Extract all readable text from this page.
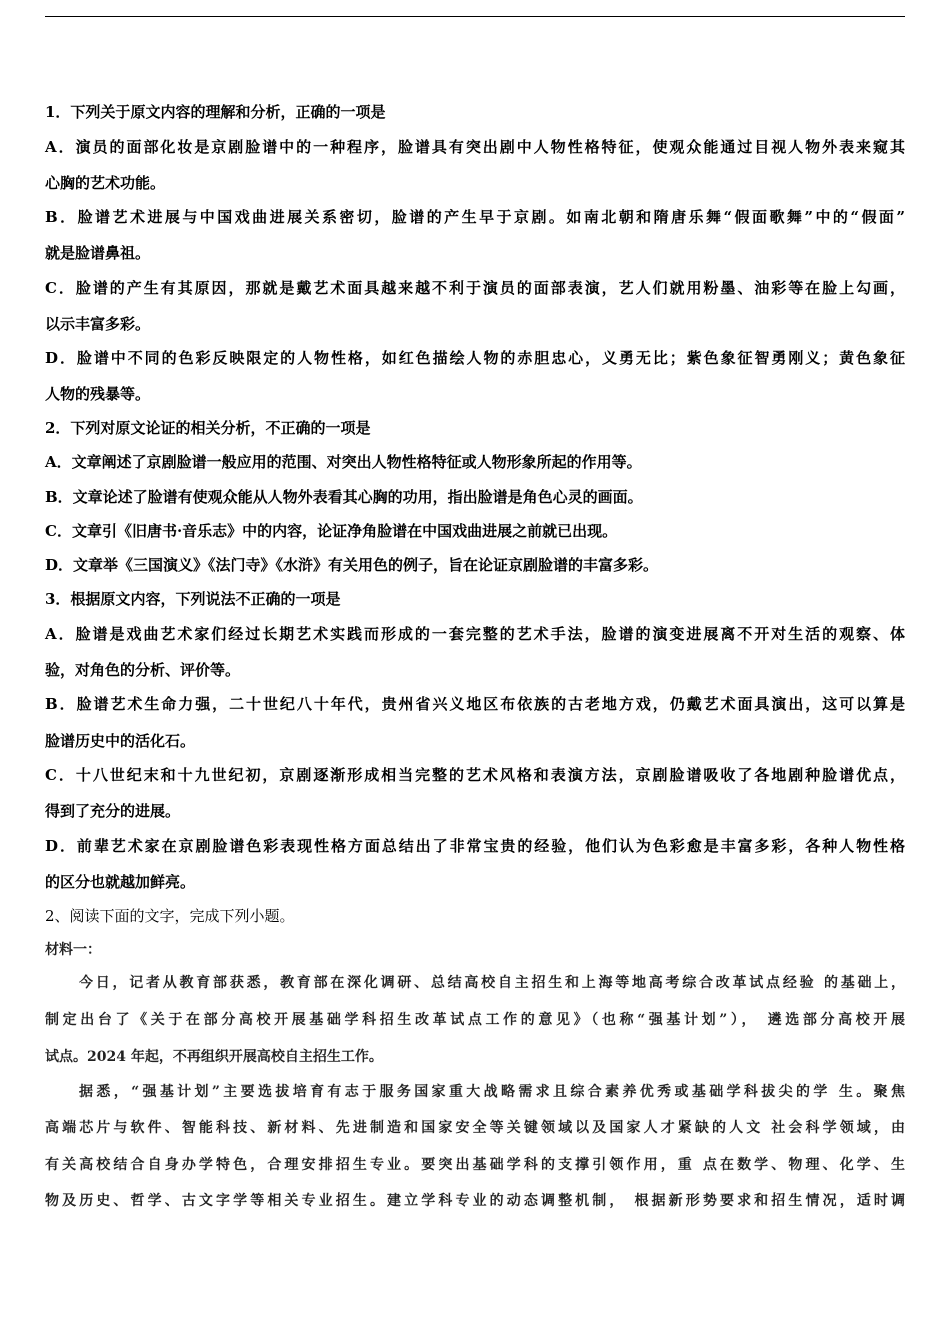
1．下列关于原文内容的理解和分析，正确的一项是
A．演员的面部化妆是京剧脸谱中的一种程序，脸谱具有突出剧中人物性格特征，使观众能通过目视人物外表来窥其
心胸的艺术功能。
B．脸谱艺术进展与中国戏曲进展关系密切，脸谱的产生早于京剧。如南北朝和隋唐乐舞“假面歌舞”中的“假面”
就是脸谱鼻祖。
C．脸谱的产生有其原因，那就是戴艺术面具越来越不利于演员的面部表演，艺人们就用粉墨、油彩等在脸上勾画，
以示丰富多彩。
D．脸谱中不同的色彩反映限定的人物性格，如红色描绘人物的赤胆忠心，义勇无比；紫色象征智勇刚义；黄色象征
人物的残暴等。
2．下列对原文论证的相关分析，不正确的一项是
A．文章阐述了京剧脸谱一般应用的范围、对突出人物性格特征或人物形象所起的作用等。
B．文章论述了脸谱有使观众能从人物外表看其心胸的功用，指出脸谱是角色心灵的画面。
C．文章引《旧唐书·音乐志》中的内容，论证净角脸谱在中国戏曲进展之前就已出现。
D．文章举《三国演义》《法门寺》《水浒》有关用色的例子，旨在论证京剧脸谱的丰富多彩。
3．根据原文内容，下列说法不正确的一项是
A．脸谱是戏曲艺术家们经过长期艺术实践而形成的一套完整的艺术手法，脸谱的演变进展离不开对生活的观察、体
验，对角色的分析、评价等。
B．脸谱艺术生命力强，二十世纪八十年代，贵州省兴义地区布依族的古老地方戏，仍戴艺术面具演出，这可以算是
脸谱历史中的活化石。
C．十八世纪末和十九世纪初，京剧逐渐形成相当完整的艺术风格和表演方法，京剧脸谱吸收了各地剧种脸谱优点，
得到了充分的进展。
D．前辈艺术家在京剧脸谱色彩表现性格方面总结出了非常宝贵的经验，他们认为色彩愈是丰富多彩，各种人物性格
的区分也就越加鲜亮。
2、阅读下面的文字，完成下列小题。
材料一：
今日，记者从教育部获悉，教育部在深化调研、总结高校自主招生和上海等地高考综合改革试点经验 的基础上，
制定出台了《关于在部分高校开展基础学科招生改革试点工作的意见》（也称“强基计划”）， 遴选部分高校开展
试点。2024 年起，不再组织开展高校自主招生工作。
据悉，“强基计划”主要选拔培育有志于服务国家重大战略需求且综合素养优秀或基础学科拔尖的学 生。聚焦
高端芯片与软件、智能科技、新材料、先进制造和国家安全等关键领域以及国家人才紧缺的人文 社会科学领域，由
有关高校结合自身办学特色，合理安排招生专业。要突出基础学科的支撑引领作用，重 点在数学、物理、化学、生
物及历史、哲学、古文字学等相关专业招生。建立学科专业的动态调整机制， 根据新形势要求和招生情况，适时调
